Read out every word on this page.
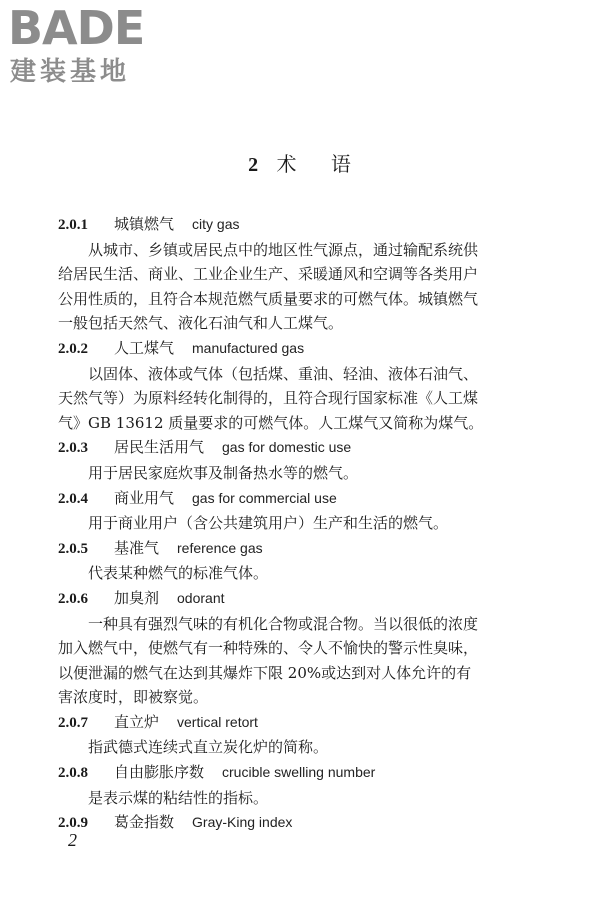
BADE
建装基地
2 术 语
2.0.1 城镇燃气 city gas
从城市、乡镇或居民点中的地区性气源点，通过输配系统供
给居民生活、商业、工业企业生产、采暖通风和空调等各类用户
公用性质的，且符合本规范燃气质量要求的可燃气体。城镇燃气
一般包括天然气、液化石油气和人工煤气。
2.0.2 人工煤气 manufactured gas
以固体、液体或气体（包括煤、重油、轻油、液体石油气、
天然气等）为原料经转化制得的，且符合现行国家标准《人工煤
气》GB 13612 质量要求的可燃气体。人工煤气又简称为煤气。
2.0.3 居民生活用气 gas for domestic use
用于居民家庭炊事及制备热水等的燃气。
2.0.4 商业用气 gas for commercial use
用于商业用户（含公共建筑用户）生产和生活的燃气。
2.0.5 基准气 reference gas
代表某种燃气的标准气体。
2.0.6 加臭剂 odorant
一种具有强烈气味的有机化合物或混合物。当以很低的浓度
加入燃气中，使燃气有一种特殊的、令人不愉快的警示性臭味，
以便泄漏的燃气在达到其爆炸下限 20%或达到对人体允许的有
害浓度时，即被察觉。
2.0.7 直立炉 vertical retort
指武德式连续式直立炭化炉的简称。
2.0.8 自由膨胀序数 crucible swelling number
是表示煤的粘结性的指标。
2.0.9 葛金指数 Gray-King index
2
